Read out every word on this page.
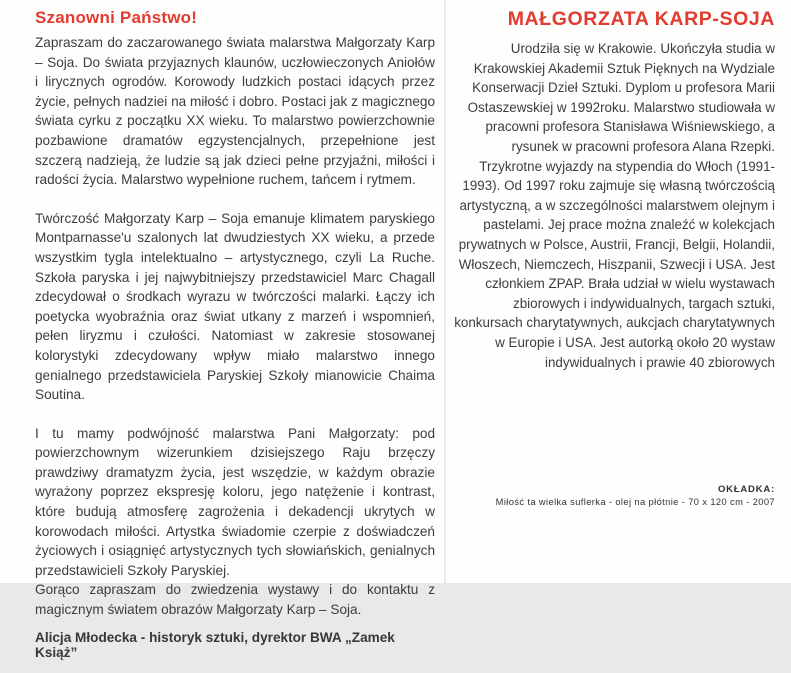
Szanowni Państwo!

Zapraszam do zaczarowanego świata malarstwa Małgorzaty Karp – Soja. Do świata przyjaznych klaunów, uczłowieczonych Aniołów i lirycznych ogrodów. Korowody ludzkich postaci idących przez życie, pełnych nadziei na miłość i dobro. Postaci jak z magicznego świata cyrku z początku XX wieku. To malarstwo powierzchownie pozbawione dramatów egzystencjalnych, przepełnione jest szczerą nadzieją, że ludzie są jak dzieci pełne przyjaźni, miłości i radości życia. Malarstwo wypełnione ruchem, tańcem i rytmem.

Twórczość Małgorzaty Karp – Soja emanuje klimatem paryskiego Montparnasse'u szalonych lat dwudziestych XX wieku, a przede wszystkim tygla intelektualno – artystycznego, czyli La Ruche. Szkoła paryska i jej najwybitniejszy przedstawiciel Marc Chagall zdecydował o środkach wyrazu w twórczości malarki. Łączy ich poetycka wyobraźnia oraz świat utkany z marzeń i wspomnień, pełen liryzmu i czułości. Natomiast w zakresie stosowanej kolorystyki zdecydowany wpływ miało malarstwo innego genialnego przedstawiciela Paryskiej Szkoły mianowicie Chaima Soutina.

I tu mamy podwójność malarstwa Pani Małgorzaty: pod powierzchownym wizerunkiem dzisiejszego Raju brzęczy prawdziwy dramatyzm życia, jest wszędzie, w każdym obrazie wyrażony poprzez ekspresję koloru, jego natężenie i kontrast, które budują atmosferę zagrożenia i dekadencji ukrytych w korowodach miłości. Artystka świadomie czerpie z doświadczeń życiowych i osiągnięć artystycznych tych słowiańskich, genialnych przedstawicieli Szkoły Paryskiej.

Gorąco zapraszam do zwiedzenia wystawy i do kontaktu z magicznym światem obrazów Małgorzaty Karp – Soja.

Alicja Młodecka - historyk sztuki, dyrektor BWA „Zamek Książ”

MAŁGORZATA KARP-SOJA

Urodziła się w Krakowie. Ukończyła studia w Krakowskiej Akademii Sztuk Pięknych na Wydziale Konserwacji Dzieł Sztuki. Dyplom u profesora Marii Ostaszewskiej w 1992roku. Malarstwo studiowała w pracowni profesora Stanisława Wiśniewskiego, a rysunek w pracowni profesora Alana Rzepki. Trzykrotne wyjazdy na stypendia do Włoch (1991-1993). Od 1997 roku zajmuje się własną twórczością artystyczną, a w szczególności malarstwem olejnym i pastelami. Jej prace można znaleźć w kolekcjach prywatnych w Polsce, Austrii, Francji, Belgii, Holandii, Włoszech, Niemczech, Hiszpanii, Szwecji i USA. Jest członkiem ZPAP. Brała udział w wielu wystawach zbiorowych i indywidualnych, targach sztuki, konkursach charytatywnych, aukcjach charytatywnych w Europie i USA. Jest autorką około 20 wystaw indywidualnych i prawie 40 zbiorowych

OKŁADKA:

Miłość ta wielka suflerka - olej na płótnie - 70 x 120 cm - 2007
